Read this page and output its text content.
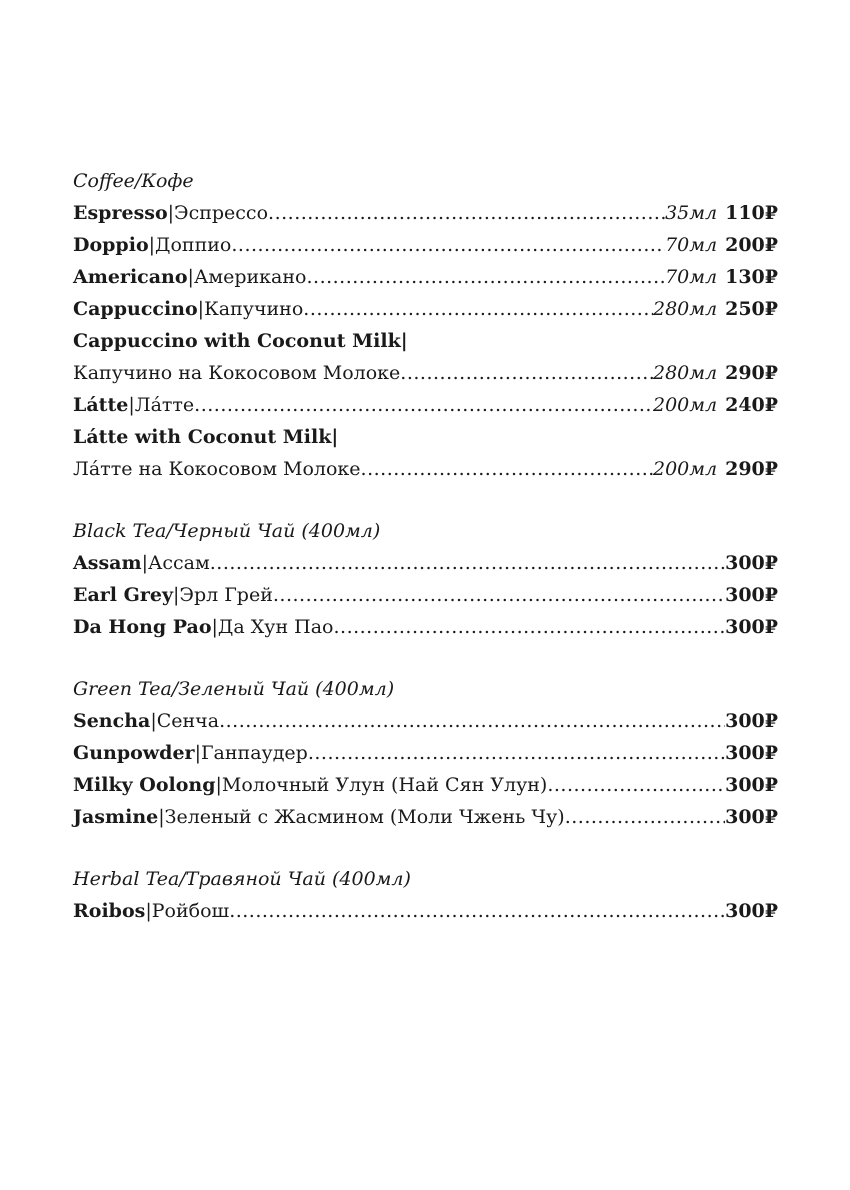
Coffee/Кофе
Espresso | Эспрессо .....	35мл 110₽
Doppio | Доппио .....	70мл 200₽
Americano | Американо .....	70мл 130₽
Cappuccino | Капучино .....	280мл 250₽
Cappuccino with Coconut Milk|
Капучино на Кокосовом Молоке .....	280мл 290₽
Látte | Ла́тте .....	200мл 240₽
Látte with Coconut Milk|
Ла́тте на Кокосовом Молоке .....	200мл 290₽
Black Tea/Черный Чай (400мл)
Assam | Ассам .....	300₽
Earl Grey | Эрл Грей .....	300₽
Da Hong Pao | Да Хун Пао .....	300₽
Green Tea/Зеленый Чай (400мл)
Sencha | Сенча .....	300₽
Gunpowder | Ганпаудер .....	300₽
Milky Oolong | Молочный Улун (Най Сян Улун) .....	300₽
Jasmine | Зеленый с Жасмином (Моли Чжень Чу) .....	300₽
Herbal Tea/Травяной Чай (400мл)
Roibos | Ройбош .....	300₽
